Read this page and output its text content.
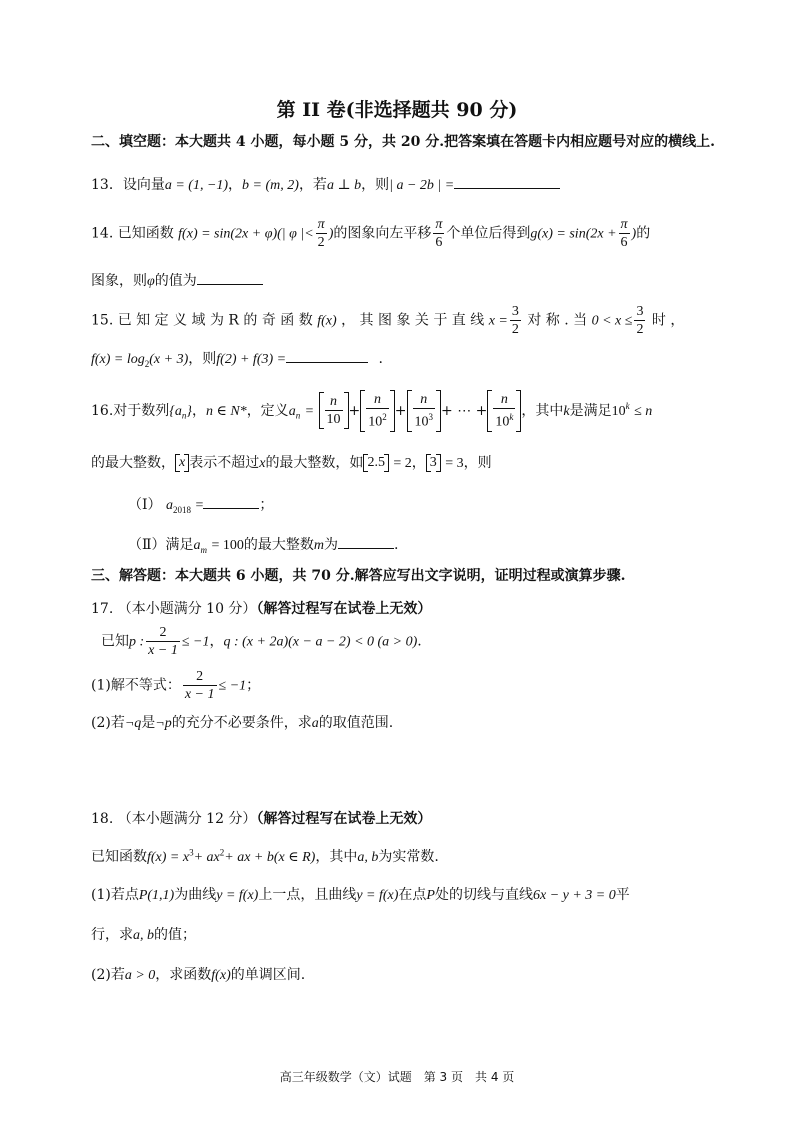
第 II 卷(非选择题共 90 分)
二、填空题：本大题共 4 小题，每小题 5 分，共 20 分.把答案填在答题卡内相应题号对应的横线上.
13．设向量a = (1, −1)，b = (m, 2)，若a ⊥ b，则| a − 2b | =
14. 已知函数 f(x) = sin(2x + φ)(| φ |< $\frac{\pi}{2}$ )的图象向左平移 $\frac{\pi}{6}$ 个单位后得到$g(x) = \sin(2x + \frac{\pi}{6}$ )的
图象，则φ的值为
15. 已 知 定 义 域 为 R 的 奇 函 数 f(x) ， 其 图 象 关 于 直 线 $x = \frac{3}{2}$ 对 称 . 当 $0 < x \le \frac{3}{2}$ 时 ，
$f(x) = \log_2(x + 3)$，则f(2) + f(3) =	.
16.对于数列$\{a_n\}$，n ∈ N*，定义$a_n = \frac{n}{10} + \frac{n}{10^2} + \frac{n}{10^3}$ + ⋯ + $\frac{n}{10^k}$ ，其中k是满足$10^k \le n$
的最大整数， x 表示不超过x的最大整数，如 2.5 = 2， 3 = 3，则
（Ⅰ） $a_{2018}$ =	；
（Ⅱ）满足$a_m = 100$的最大整数m为	.
三、解答题：本大题共 6 小题，共 70 分.解答应写出文字说明，证明过程或演算步骤.
17. （本小题满分 10 分）（解答过程写在试卷上无效）
已知p : $\frac{2}{x - 1} \le -1$，q : (x + 2a)(x − a − 2) < 0 (a > 0).
(1)解不等式： $\frac{2}{x - 1} \le -1$；
(2)若¬q是¬p的充分不必要条件，求a的取值范围.
18. （本小题满分 12 分）（解答过程写在试卷上无效）
已知函数$f(x) = x^3+ ax^2+$ ax + b(x ∈ R)，其中a, b为实常数.
(1)若点P(1,1)为曲线y = f(x)上一点，且曲线y = f(x)在点P处的切线与直线6x − y + 3 = 0平
行，求a, b的值；
(2)若a > 0，求函数f(x)的单调区间.
高三年级数学（文）试题　第 3 页　共 4 页
